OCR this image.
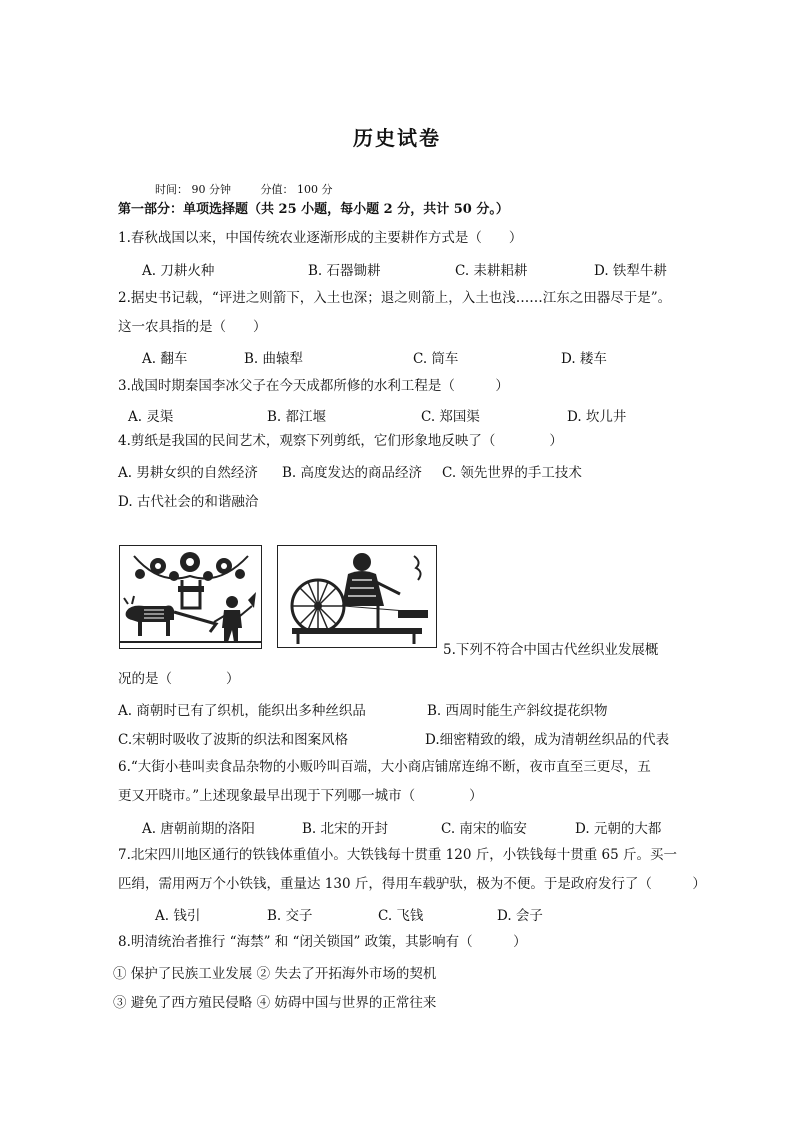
历史试卷
时间： 90 分钟	分值： 100 分
第一部分：单项选择题（共 25 小题，每小题 2 分，共计 50 分。）
1.春秋战国以来，中国传统农业逐渐形成的主要耕作方式是（　　）
A. 刀耕火种	B. 石器锄耕	C. 耒耕耜耕	D. 铁犁牛耕
2.据史书记载，“评进之则箭下，入土也深；退之则箭上，入土也浅……江东之田器尽于是”。
这一农具指的是（　　）
A. 翻车	B. 曲辕犁	C. 筒车	D. 耧车
3.战国时期秦国李冰父子在今天成都所修的水利工程是（　　　）
A. 灵渠	B. 都江堰	C. 郑国渠	D. 坎儿井
4.剪纸是我国的民间艺术，观察下列剪纸，它们形象地反映了（　　　　）
A. 男耕女织的自然经济 B. 高度发达的商品经济 C. 领先世界的手工技术
D. 古代社会的和谐融洽
5.下列不符合中国古代丝织业发展概
况的是（　　　　）
A. 商朝时已有了织机，能织出多种丝织品	B. 西周时能生产斜纹提花织物
C.宋朝时吸收了波斯的织法和图案风格	D.细密精致的缎，成为清朝丝织品的代表
6.“大街小巷叫卖食品杂物的小贩吟叫百端，大小商店铺席连绵不断，夜市直至三更尽，五
更又开晓市。”上述现象最早出现于下列哪一城市（　　　　）
A. 唐朝前期的洛阳	B. 北宋的开封	C. 南宋的临安	D. 元朝的大都
7.北宋四川地区通行的铁钱体重值小。大铁钱每十贯重 120 斤，小铁钱每十贯重 65 斤。买一
匹绢，需用两万个小铁钱，重量达 130 斤，得用车载驴驮，极为不便。于是政府发行了（　　　）
A. 钱引	B. 交子	C. 飞钱	D. 会子
8.明清统治者推行 “海禁” 和 “闭关锁国” 政策，其影响有（　　　）
① 保护了民族工业发展 ② 失去了开拓海外市场的契机
③ 避免了西方殖民侵略 ④ 妨碍中国与世界的正常往来
